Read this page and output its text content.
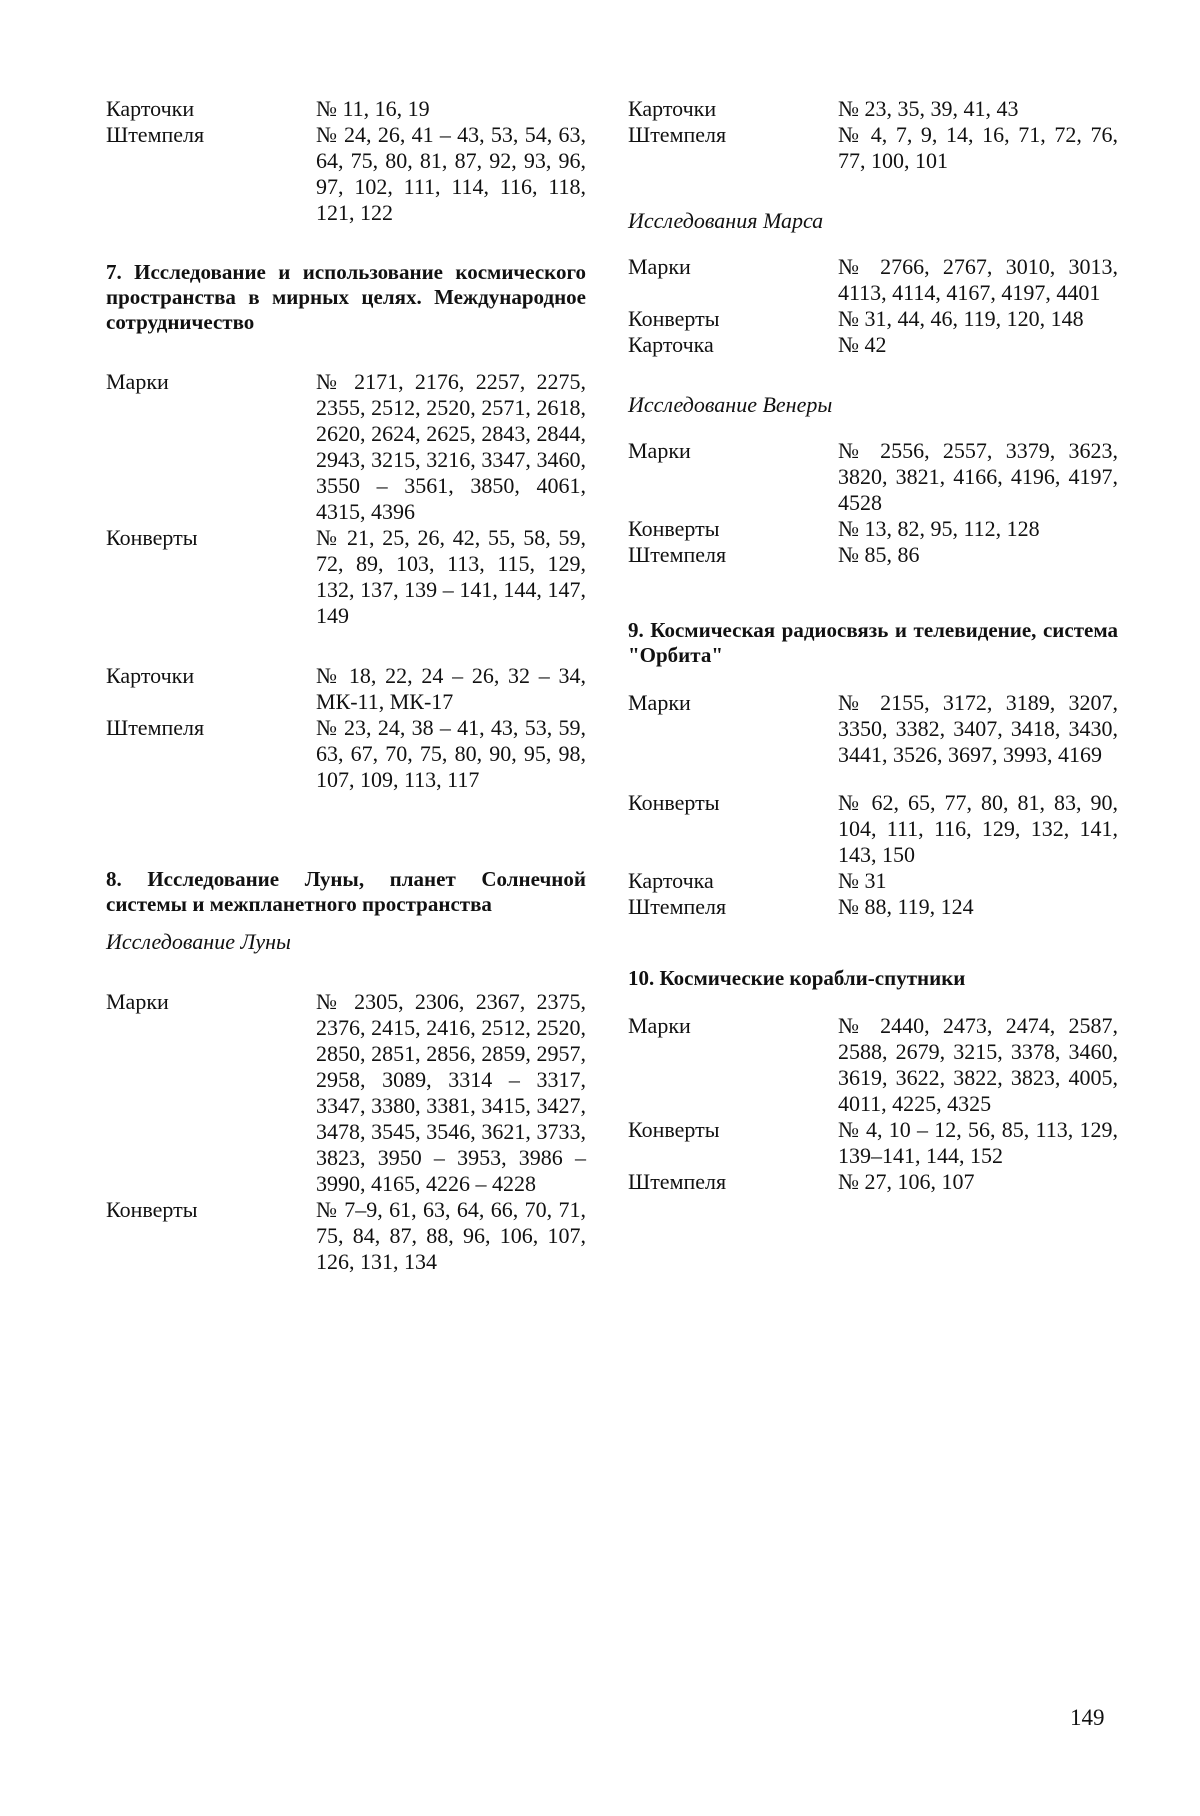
Карточки	№ 11, 16, 19
Штемпеля	№ 24, 26, 41 – 43, 53, 54, 63, 64, 75, 80, 81, 87, 92, 93, 96, 97, 102, 111, 114, 116, 118, 121, 122
7. Исследование и использование космического пространства в мирных целях. Международное сотрудничество
Марки	№ 2171, 2176, 2257, 2275, 2355, 2512, 2520, 2571, 2618, 2620, 2624, 2625, 2843, 2844, 2943, 3215, 3216, 3347, 3460, 3550 – 3561, 3850, 4061, 4315, 4396
Конверты	№ 21, 25, 26, 42, 55, 58, 59, 72, 89, 103, 113, 115, 129, 132, 137, 139 – 141, 144, 147, 149
Карточки	№ 18, 22, 24 – 26, 32 – 34, МК-11, МК-17
Штемпеля	№ 23, 24, 38 – 41, 43, 53, 59, 63, 67, 70, 75, 80, 90, 95, 98, 107, 109, 113, 117
8. Исследование Луны, планет Солнечной системы и межпланетного пространства
Исследование Луны
Марки	№ 2305, 2306, 2367, 2375, 2376, 2415, 2416, 2512, 2520, 2850, 2851, 2856, 2859, 2957, 2958, 3089, 3314 – 3317, 3347, 3380, 3381, 3415, 3427, 3478, 3545, 3546, 3621, 3733, 3823, 3950 – 3953, 3986 – 3990, 4165, 4226 – 4228
Конверты	№ 7–9, 61, 63, 64, 66, 70, 71, 75, 84, 87, 88, 96, 106, 107, 126, 131, 134
Карточки	№ 23, 35, 39, 41, 43
Штемпеля	№ 4, 7, 9, 14, 16, 71, 72, 76, 77, 100, 101
Исследования Марса
Марки	№ 2766, 2767, 3010, 3013, 4113, 4114, 4167, 4197, 4401
Конверты	№ 31, 44, 46, 119, 120, 148
Карточка	№ 42
Исследование Венеры
Марки	№ 2556, 2557, 3379, 3623, 3820, 3821, 4166, 4196, 4197, 4528
Конверты	№ 13, 82, 95, 112, 128
Штемпеля	№ 85, 86
9. Космическая радиосвязь и телевидение, система "Орбита"
Марки	№ 2155, 3172, 3189, 3207, 3350, 3382, 3407, 3418, 3430, 3441, 3526, 3697, 3993, 4169
Конверты	№ 62, 65, 77, 80, 81, 83, 90, 104, 111, 116, 129, 132, 141, 143, 150
Карточка	№ 31
Штемпеля	№ 88, 119, 124
10. Космические корабли-спутники
Марки	№ 2440, 2473, 2474, 2587, 2588, 2679, 3215, 3378, 3460, 3619, 3622, 3822, 3823, 4005, 4011, 4225, 4325
Конверты	№ 4, 10 – 12, 56, 85, 113, 129, 139–141, 144, 152
Штемпеля	№ 27, 106, 107
149
